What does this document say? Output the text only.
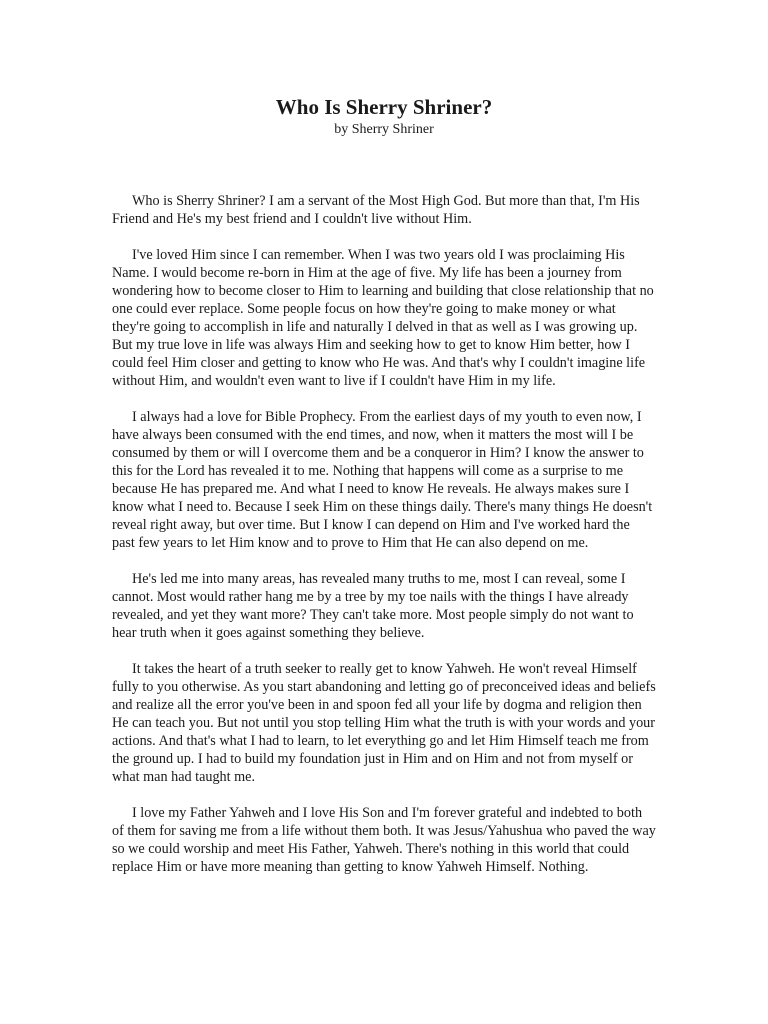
Who Is Sherry Shriner?

by Sherry Shriner

Who is Sherry Shriner? I am a servant of the Most High God. But more than that, I'm His Friend and He's my best friend and I couldn't live without Him.

I've loved Him since I can remember. When I was two years old I was proclaiming His Name. I would become re-born in Him at the age of five. My life has been a journey from wondering how to become closer to Him to learning and building that close relationship that no one could ever replace. Some people focus on how they're going to make money or what they're going to accomplish in life and naturally I delved in that as well as I was growing up. But my true love in life was always Him and seeking how to get to know Him better, how I could feel Him closer and getting to know who He was. And that's why I couldn't imagine life without Him, and wouldn't even want to live if I couldn't have Him in my life.

I always had a love for Bible Prophecy. From the earliest days of my youth to even now, I have always been consumed with the end times, and now, when it matters the most will I be consumed by them or will I overcome them and be a conqueror in Him? I know the answer to this for the Lord has revealed it to me. Nothing that happens will come as a surprise to me because He has prepared me. And what I need to know He reveals. He always makes sure I know what I need to. Because I seek Him on these things daily. There's many things He doesn't reveal right away, but over time. But I know I can depend on Him and I've worked hard the past few years to let Him know and to prove to Him that He can also depend on me.

He's led me into many areas, has revealed many truths to me, most I can reveal, some I cannot. Most would rather hang me by a tree by my toe nails with the things I have already revealed, and yet they want more? They can't take more. Most people simply do not want to hear truth when it goes against something they believe.

It takes the heart of a truth seeker to really get to know Yahweh. He won't reveal Himself fully to you otherwise. As you start abandoning and letting go of preconceived ideas and beliefs and realize all the error you've been in and spoon fed all your life by dogma and religion then He can teach you. But not until you stop telling Him what the truth is with your words and your actions. And that's what I had to learn, to let everything go and let Him Himself teach me from the ground up. I had to build my foundation just in Him and on Him and not from myself or what man had taught me.

I love my Father Yahweh and I love His Son and I'm forever grateful and indebted to both of them for saving me from a life without them both. It was Jesus/Yahushua who paved the way so we could worship and meet His Father, Yahweh. There's nothing in this world that could replace Him or have more meaning than getting to know Yahweh Himself. Nothing.
